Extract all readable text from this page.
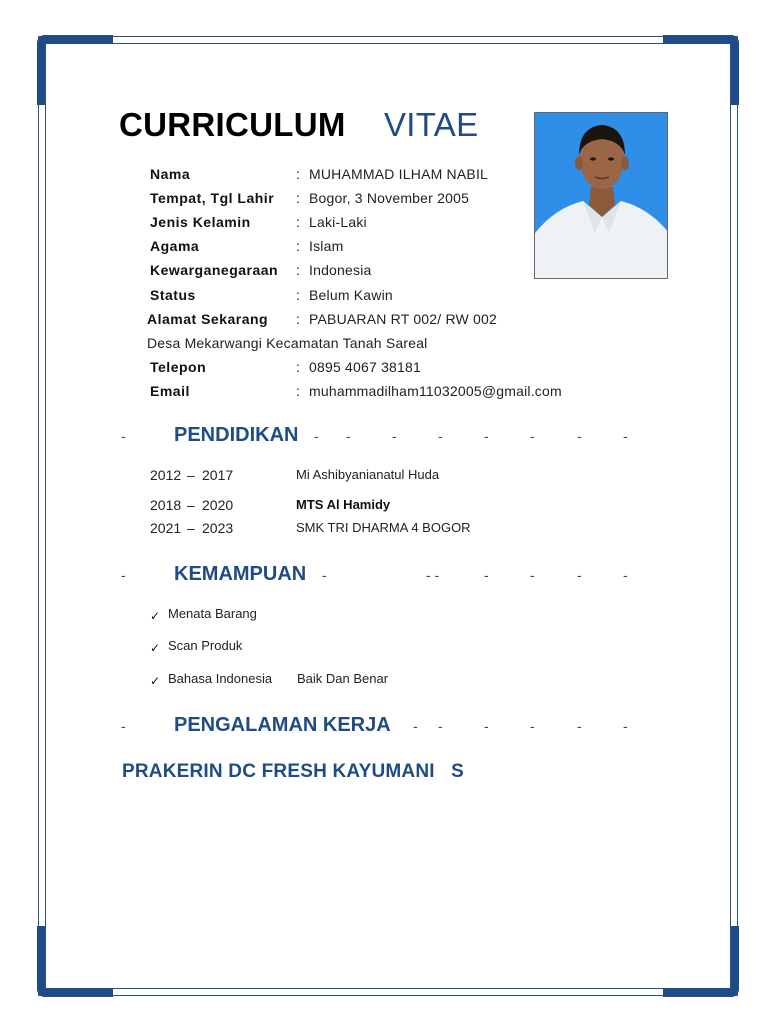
CURRICULUM VITAE
Nama	: MUHAMMAD ILHAM NABIL
Tempat, Tgl Lahir : Bogor, 3 November 2005
Jenis Kelamin	: Laki-Laki
Agama	: Islam
Kewarganegaraan : Indonesia
Status	: Belum Kawin
Alamat Sekarang : PABUARAN RT 002/ RW 002
Desa Mekarwangi Kecamatan Tanah Sareal
Telepon	: 0895 4067 38181
Email	: muhammadilham11032005@gmail.com
- PENDIDIKAN - -	-	-	-	-	-	-
2012 – 2017	Mi Ashibyanianatul Huda
2018 – 2020	MTS Al Hamidy
2021 – 2023	SMK TRI DHARMA 4 BOGOR
- KEMAMPUAN -	- -	-	-	-	-
✓ Menata Barang
✓ Scan Produk
✓ Bahasa Indonesia Baik Dan Benar
- PENGALAMAN KERJA - -	-	-	-	-
PRAKERIN DC FRESH KAYUMANI   S
